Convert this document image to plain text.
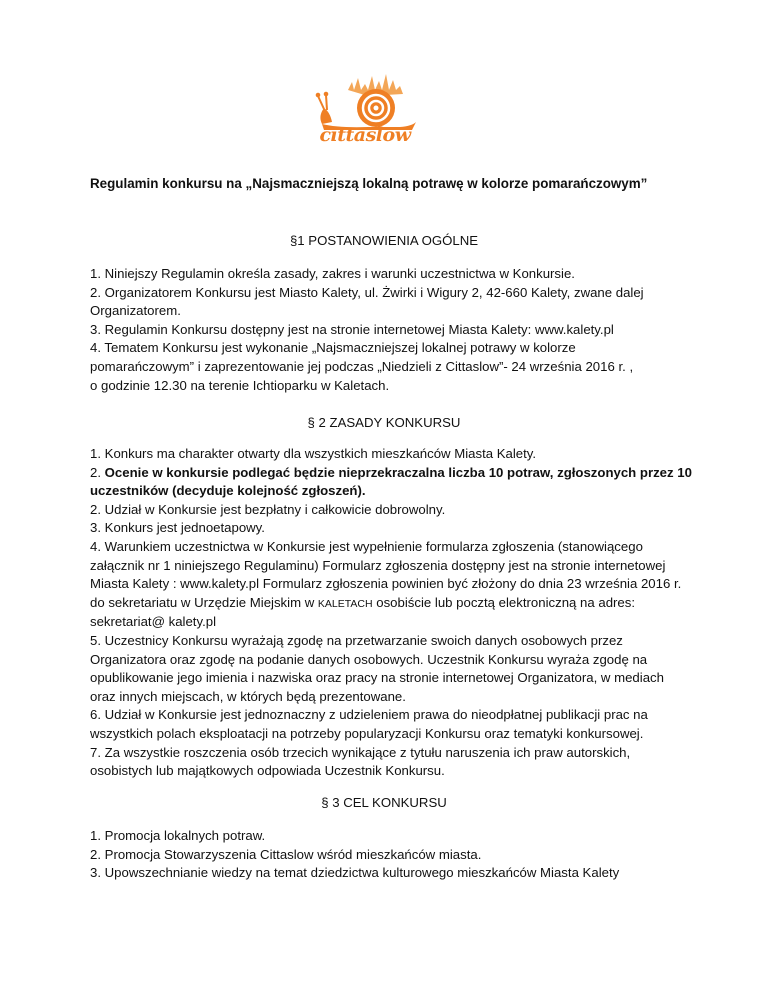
cittaslow
Regulamin konkursu na „Najsmaczniejszą lokalną potrawę w kolorze pomarańczowym”
§1 POSTANOWIENIA OGÓLNE

1. Niniejszy Regulamin określa zasady, zakres i warunki uczestnictwa w Konkursie.

2. Organizatorem Konkursu jest Miasto Kalety, ul. Żwirki i Wigury 2, 42-660 Kalety, zwane dalej

Organizatorem.

3. Regulamin Konkursu dostępny jest na stronie internetowej Miasta Kalety: www.kalety.pl

4. Tematem Konkursu jest wykonanie „Najsmaczniejszej lokalnej potrawy w kolorze

pomarańczowym” i zaprezentowanie jej podczas „Niedzieli z Cittaslow”- 24 września 2016 r. ,

o godzinie 12.30 na terenie Ichtioparku w Kaletach.

§ 2 ZASADY KONKURSU

1. Konkurs ma charakter otwarty dla wszystkich mieszkańców Miasta Kalety.

2. Ocenie w konkursie podlegać będzie nieprzekraczalna liczba 10 potraw, zgłoszonych przez 10

uczestników (decyduje kolejność zgłoszeń).

2. Udział w Konkursie jest bezpłatny i całkowicie dobrowolny.

3. Konkurs jest jednoetapowy.

4. Warunkiem uczestnictwa w Konkursie jest wypełnienie formularza zgłoszenia (stanowiącego

załącznik nr 1 niniejszego Regulaminu) Formularz zgłoszenia dostępny jest na stronie internetowej

Miasta Kalety : www.kalety.pl Formularz zgłoszenia powinien być złożony do dnia 23 września 2016 r.

do sekretariatu w Urzędzie Miejskim w KALETACH osobiście lub pocztą elektroniczną na adres:

sekretariat@ kalety.pl

5. Uczestnicy Konkursu wyrażają zgodę na przetwarzanie swoich danych osobowych przez

Organizatora oraz zgodę na podanie danych osobowych. Uczestnik Konkursu wyraża zgodę na

opublikowanie jego imienia i nazwiska oraz pracy na stronie internetowej Organizatora, w mediach

oraz innych miejscach, w których będą prezentowane.

6. Udział w Konkursie jest jednoznaczny z udzieleniem prawa do nieodpłatnej publikacji prac na

wszystkich polach eksploatacji na potrzeby popularyzacji Konkursu oraz tematyki konkursowej.

7. Za wszystkie roszczenia osób trzecich wynikające z tytułu naruszenia ich praw autorskich,

osobistych lub majątkowych odpowiada Uczestnik Konkursu.

§ 3 CEL KONKURSU

1. Promocja lokalnych potraw.

2. Promocja Stowarzyszenia Cittaslow wśród mieszkańców miasta.

3. Upowszechnianie wiedzy na temat dziedzictwa kulturowego mieszkańców Miasta Kalety
